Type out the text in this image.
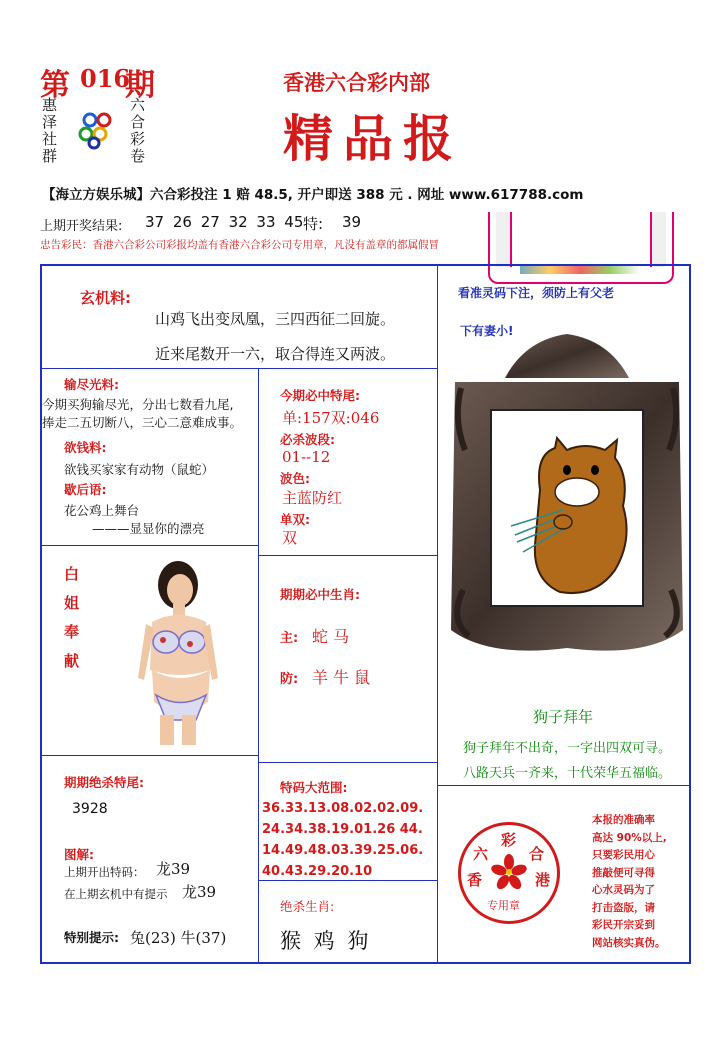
第 016
期
惠泽社群	六合彩卷
香港六合彩内部
精品报
【海立方娱乐城】六合彩投注 1 赔 48.5, 开户即送 388 元 . 网址 www.617788.com
上期开奖结果: 37 26 27 32 33 45 特: 39
忠告彩民：香港六合彩公司彩报均盖有香港六合彩公司专用章，凡没有盖章的都属假冒
玄机料:
山鸡飞出变凤凰，三四西征二回旋。
近来尾数开一六，取合得连又两波。
输尽光料:
今期买狗输尽光，分出七数看九尾,
捧走二五切断八，三心二意难成事。
欲钱料:
欲钱买家家有动物（鼠蛇）
歇后语:
花公鸡上舞台
———显显你的漂亮
今期必中特尾:
单:157双:046
必杀波段:
01--12
波色:
主蓝防红
单双:
双
白姐奉献
期期必中生肖:
主: 蛇 马
防: 羊 牛 鼠
看准灵码下注，须防上有父老
下有妻小!
狗子拜年
狗子拜年不出奇，一字出四双可寻。
八路天兵一齐来，十代荣华五福临。
期期绝杀特尾:
3928
图解:
上期开出特码： 龙39
在上期玄机中有提示 龙39
特别提示: 兔(23) 牛(37)
特码大范围:
36.33.13.08.02.02.09.
24.34.38.19.01.26 44.
14.49.48.03.39.25.06.
40.43.29.20.10
绝杀生肖:
猴 鸡 狗
彩
六	合
香	港
专用章
本报的准确率
高达 90%以上,
只要彩民用心
推敲便可寻得
心水灵码为了
打击盗版，请
彩民开宗妥到
网站核实真伪。
